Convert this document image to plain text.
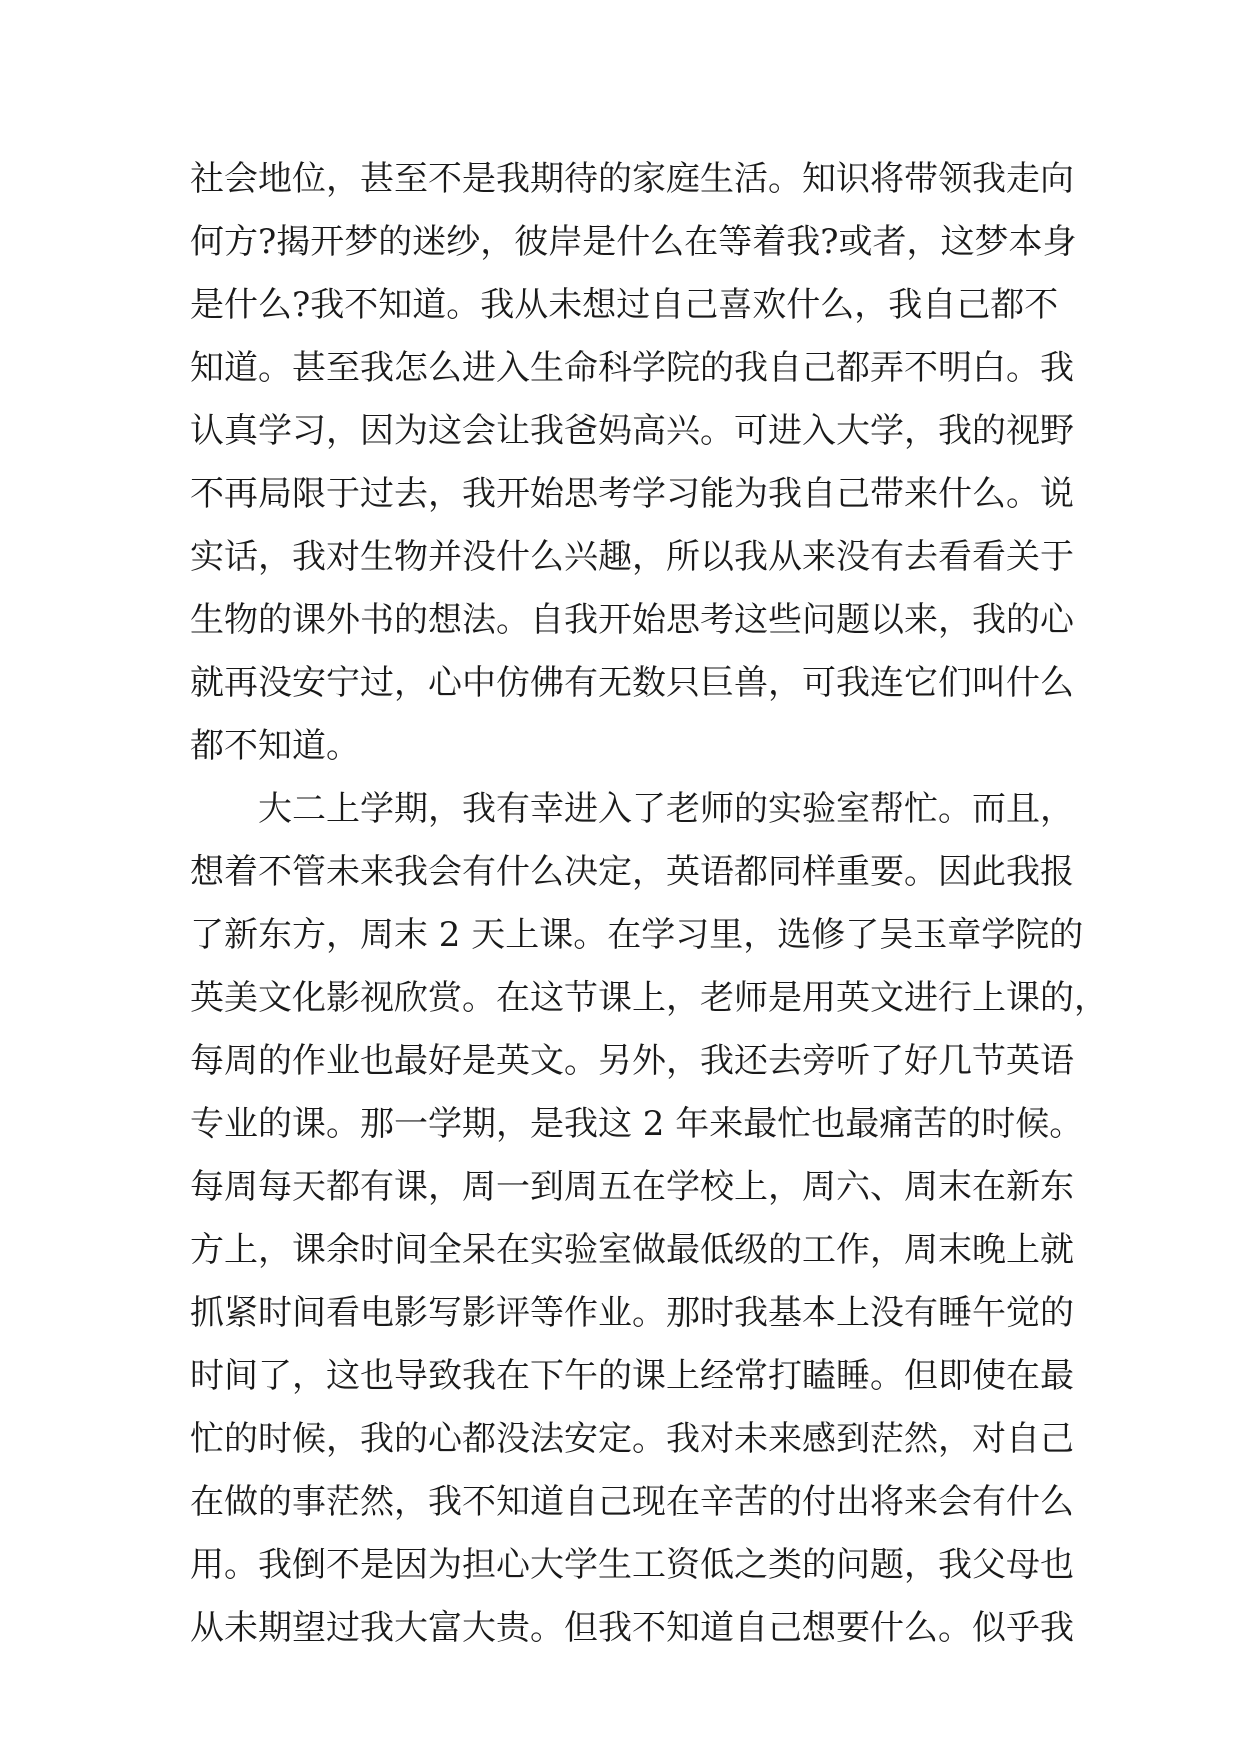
社会地位，甚至不是我期待的家庭生活。知识将带领我走向
何方?揭开梦的迷纱，彼岸是什么在等着我?或者，这梦本身
是什么?我不知道。我从未想过自己喜欢什么，我自己都不
知道。甚至我怎么进入生命科学院的我自己都弄不明白。我
认真学习，因为这会让我爸妈高兴。可进入大学，我的视野
不再局限于过去，我开始思考学习能为我自己带来什么。说
实话，我对生物并没什么兴趣，所以我从来没有去看看关于
生物的课外书的想法。自我开始思考这些问题以来，我的心
就再没安宁过，心中仿佛有无数只巨兽，可我连它们叫什么
都不知道。
　　大二上学期，我有幸进入了老师的实验室帮忙。而且，
想着不管未来我会有什么决定，英语都同样重要。因此我报
了新东方，周末 2 天上课。在学习里，选修了吴玉章学院的
英美文化影视欣赏。在这节课上，老师是用英文进行上课的，
每周的作业也最好是英文。另外，我还去旁听了好几节英语
专业的课。那一学期，是我这 2 年来最忙也最痛苦的时候。
每周每天都有课，周一到周五在学校上，周六、周末在新东
方上，课余时间全呆在实验室做最低级的工作，周末晚上就
抓紧时间看电影写影评等作业。那时我基本上没有睡午觉的
时间了，这也导致我在下午的课上经常打瞌睡。但即使在最
忙的时候，我的心都没法安定。我对未来感到茫然，对自己
在做的事茫然，我不知道自己现在辛苦的付出将来会有什么
用。我倒不是因为担心大学生工资低之类的问题，我父母也
从未期望过我大富大贵。但我不知道自己想要什么。似乎我
